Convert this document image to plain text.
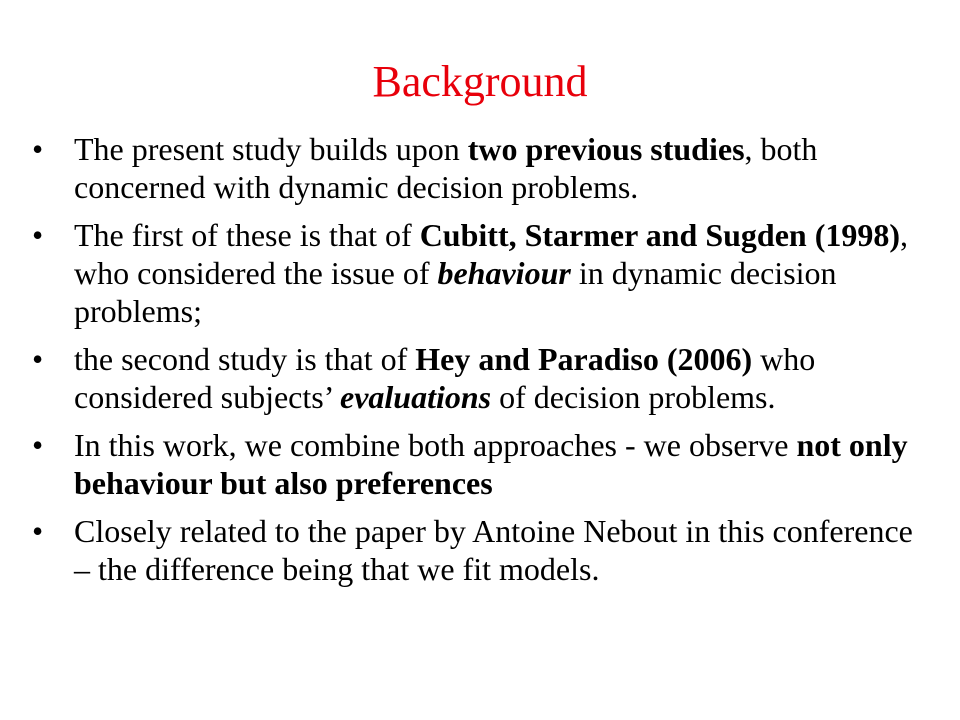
Background
• The present study builds upon two previous studies, both concerned with dynamic decision problems.
• The first of these is that of Cubitt, Starmer and Sugden (1998), who considered the issue of behaviour in dynamic decision problems;
• the second study is that of Hey and Paradiso (2006) who considered subjects’ evaluations of decision problems.
• In this work, we combine both approaches - we observe not only behaviour but also preferences
• Closely related to the paper by Antoine Nebout in this conference – the difference being that we fit models.
